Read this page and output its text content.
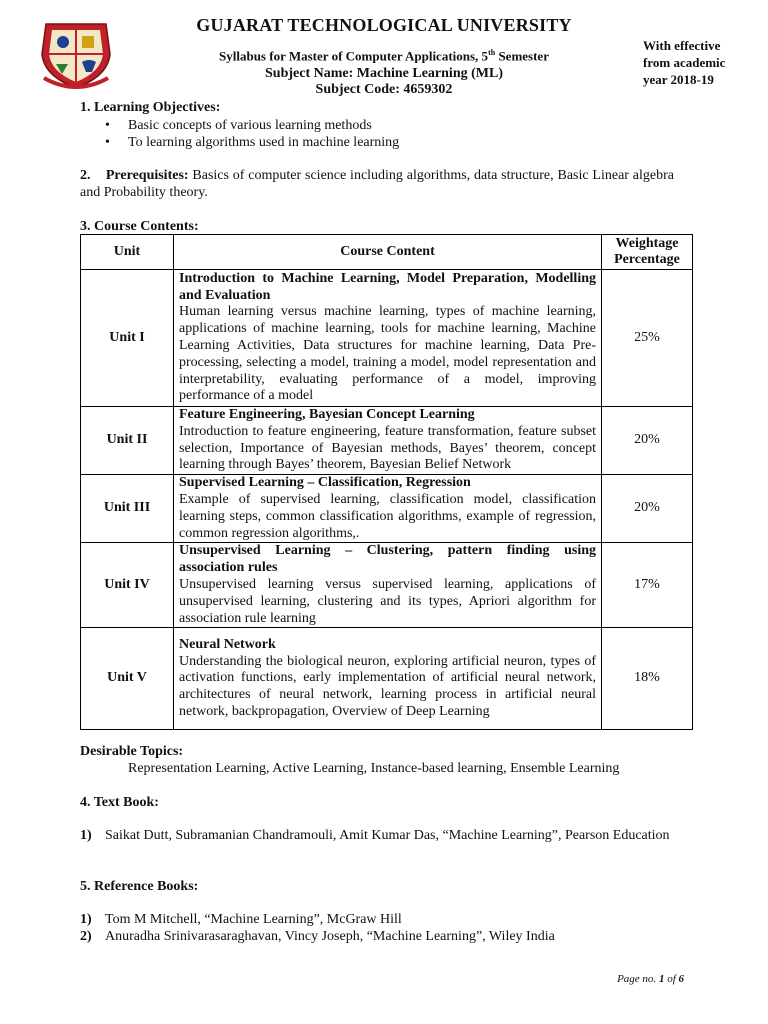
GUJARAT TECHNOLOGICAL UNIVERSITY
Syllabus for Master of Computer Applications, 5th Semester
Subject Name: Machine Learning (ML)
Subject Code: 4659302
With effective
from academic
year 2018-19
1. Learning Objectives:
• Basic concepts of various learning methods
• To learning algorithms used in machine learning
2. Prerequisites: Basics of computer science including algorithms, data structure, Basic Linear algebra and Probability theory.
3. Course Contents:
Unit	Course Content	Weightage Percentage
Unit I	Introduction to Machine Learning, Model Preparation, Modelling and Evaluation
Human learning versus machine learning, types of machine learning, applications of machine learning, tools for machine learning, Machine Learning Activities, Data structures for machine learning, Data Pre-processing, selecting a model, training a model, model representation and interpretability, evaluating performance of a model, improving performance of a model	25%
Unit II	Feature Engineering, Bayesian Concept Learning
Introduction to feature engineering, feature transformation, feature subset selection, Importance of Bayesian methods, Bayes’ theorem, concept learning through Bayes’ theorem, Bayesian Belief Network	20%
Unit III	Supervised Learning – Classification, Regression
Example of supervised learning, classification model, classification learning steps, common classification algorithms, example of regression, common regression algorithms,.	20%
Unit IV	Unsupervised Learning – Clustering, pattern finding using association rules
Unsupervised learning versus supervised learning, applications of unsupervised learning, clustering and its types, Apriori algorithm for association rule learning	17%
Unit V	Neural Network
Understanding the biological neuron, exploring artificial neuron, types of activation functions, early implementation of artificial neural network, architectures of neural network, learning process in artificial neural network, backpropagation, Overview of Deep Learning	18%
Desirable Topics:
Representation Learning, Active Learning, Instance-based learning, Ensemble Learning
4. Text Book:
1) Saikat Dutt, Subramanian Chandramouli, Amit Kumar Das, “Machine Learning”, Pearson Education
5. Reference Books:
1) Tom M Mitchell, “Machine Learning”, McGraw Hill
2) Anuradha Srinivarasaraghavan, Vincy Joseph, “Machine Learning”, Wiley India
Page no. 1 of 6
